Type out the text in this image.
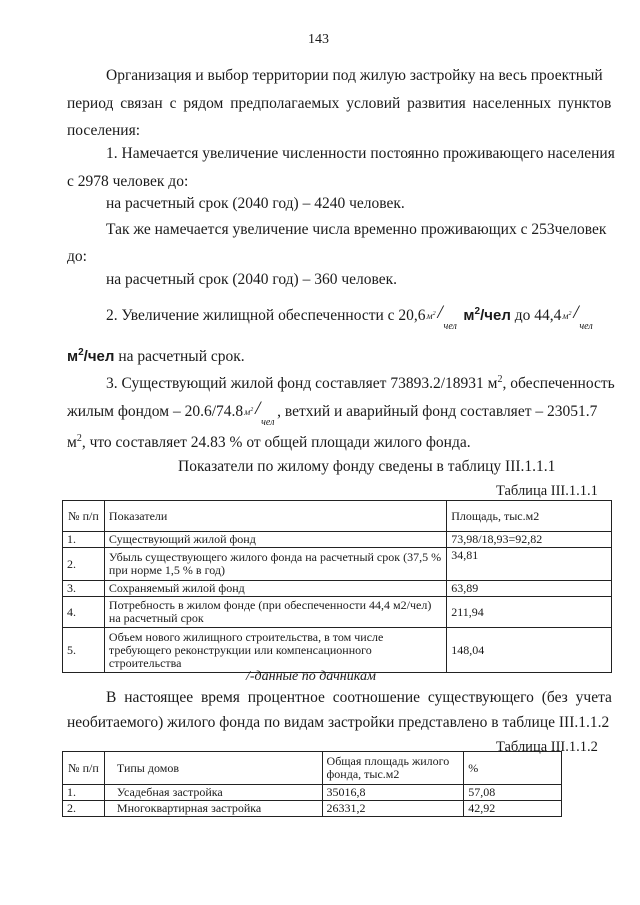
143
Организация и выбор территории под жилую застройку на весь проектный
период связан с рядом предполагаемых условий развития населенных пунктов
поселения:
1. Намечается увеличение численности постоянно проживающего населения
с 2978 человек до:
на расчетный срок (2040 год) – 4240 человек.
Так же намечается увеличение числа временно проживающих с 253человек
до:
на расчетный срок (2040 год) – 360 человек.
2. Увеличение жилищной обеспеченности с 20,6 $м^2$ /
чел
$м^2$/чел до 44,4 $м^2$ /
чел
$м^2$/чел на расчетный срок.
3. Существующий жилой фонд составляет 73893.2/18931 $м^2$, обеспеченность
жилым фондом – 20.6/74.8 $м^2$ /
чел
, ветхий и аварийный фонд составляет – 23051.7
$м^2$, что составляет 24.83 % от общей площади жилого фонда.
Показатели по жилому фонду сведены в таблицу III.1.1.1
Таблица III.1.1.1
№ п/п	Показатели	Площадь, тыс.м2
1.	Существующий жилой фонд	73,98/18,93=92,82
2.	Убыль существующего жилого фонда на расчетный срок (37,5 % при норме 1,5 % в год)	34,81
3.	Сохраняемый жилой фонд	63,89
4.	Потребность в жилом фонде (при обеспеченности 44,4 м2/чел) на расчетный срок	211,94
5.	Объем нового жилищного строительства, в том числе требующего реконструкции или компенсационного строительства	148,04
/-данные по дачникам
В настоящее время процентное соотношение существующего (без учета
необитаемого) жилого фонда по видам застройки представлено в таблице III.1.1.2
Таблица III.1.1.2
№ п/п	Типы домов	Общая площадь жилого фонда, тыс.м2	%
1.	Усадебная застройка	35016,8	57,08
2.	Многоквартирная застройка	26331,2	42,92
